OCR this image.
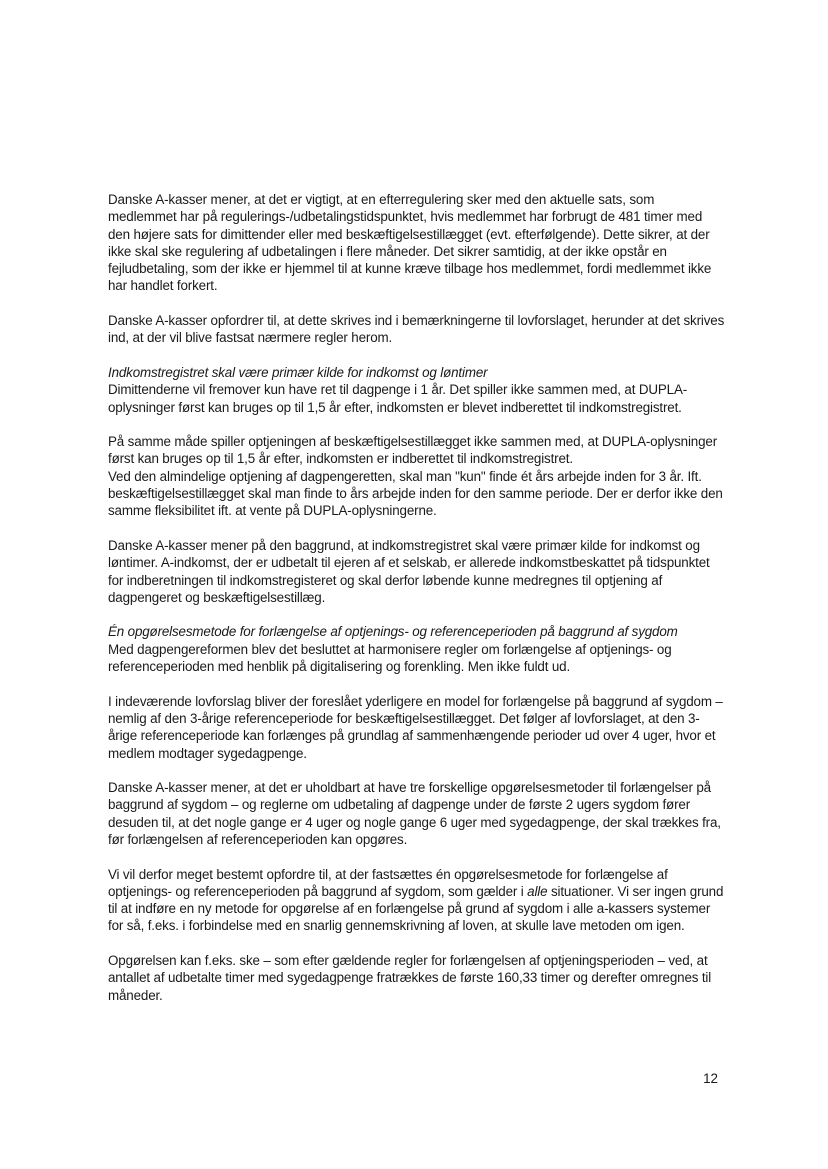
Danske A-kasser mener, at det er vigtigt, at en efterregulering sker med den aktuelle sats, som medlemmet har på regulerings-/udbetalingstidspunktet, hvis medlemmet har forbrugt de 481 timer med den højere sats for dimittender eller med beskæftigelsestillægget (evt. efterfølgende). Dette sikrer, at der ikke skal ske regulering af udbetalingen i flere måneder. Det sikrer samtidig, at der ikke opstår en fejludbetaling, som der ikke er hjemmel til at kunne kræve tilbage hos medlemmet, fordi medlemmet ikke har handlet forkert.

Danske A-kasser opfordrer til, at dette skrives ind i bemærkningerne til lovforslaget, herunder at det skrives ind, at der vil blive fastsat nærmere regler herom.

Indkomstregistret skal være primær kilde for indkomst og løntimer

Dimittenderne vil fremover kun have ret til dagpenge i 1 år. Det spiller ikke sammen med, at DUPLA-oplysninger først kan bruges op til 1,5 år efter, indkomsten er blevet indberettet til indkomstregistret.

På samme måde spiller optjeningen af beskæftigelsestillægget ikke sammen med, at DUPLA-oplysninger først kan bruges op til 1,5 år efter, indkomsten er indberettet til indkomstregistret.

Ved den almindelige optjening af dagpengeretten, skal man "kun" finde ét års arbejde inden for 3 år. Ift. beskæftigelsestillægget skal man finde to års arbejde inden for den samme periode. Der er derfor ikke den samme fleksibilitet ift. at vente på DUPLA-oplysningerne.

Danske A-kasser mener på den baggrund, at indkomstregistret skal være primær kilde for indkomst og løntimer. A-indkomst, der er udbetalt til ejeren af et selskab, er allerede indkomstbeskattet på tidspunktet for indberetningen til indkomstregisteret og skal derfor løbende kunne medregnes til optjening af dagpengeret og beskæftigelsestillæg.

Én opgørelsesmetode for forlængelse af optjenings- og referenceperioden på baggrund af sygdom

Med dagpengereformen blev det besluttet at harmonisere regler om forlængelse af optjenings- og referenceperioden med henblik på digitalisering og forenkling. Men ikke fuldt ud.

I indeværende lovforslag bliver der foreslået yderligere en model for forlængelse på baggrund af sygdom – nemlig af den 3-årige referenceperiode for beskæftigelsestillægget. Det følger af lovforslaget, at den 3-årige referenceperiode kan forlænges på grundlag af sammenhængende perioder ud over 4 uger, hvor et medlem modtager sygedagpenge.

Danske A-kasser mener, at det er uholdbart at have tre forskellige opgørelsesmetoder til forlængelser på baggrund af sygdom – og reglerne om udbetaling af dagpenge under de første 2 ugers sygdom fører desuden til, at det nogle gange er 4 uger og nogle gange 6 uger med sygedagpenge, der skal trækkes fra, før forlængelsen af referenceperioden kan opgøres.

Vi vil derfor meget bestemt opfordre til, at der fastsættes én opgørelsesmetode for forlængelse af optjenings- og referenceperioden på baggrund af sygdom, som gælder i alle situationer. Vi ser ingen grund til at indføre en ny metode for opgørelse af en forlængelse på grund af sygdom i alle a-kassers systemer for så, f.eks. i forbindelse med en snarlig gennemskrivning af loven, at skulle lave metoden om igen.

Opgørelsen kan f.eks. ske – som efter gældende regler for forlængelsen af optjeningsperioden – ved, at antallet af udbetalte timer med sygedagpenge fratrækkes de første 160,33 timer og derefter omregnes til måneder.

12
